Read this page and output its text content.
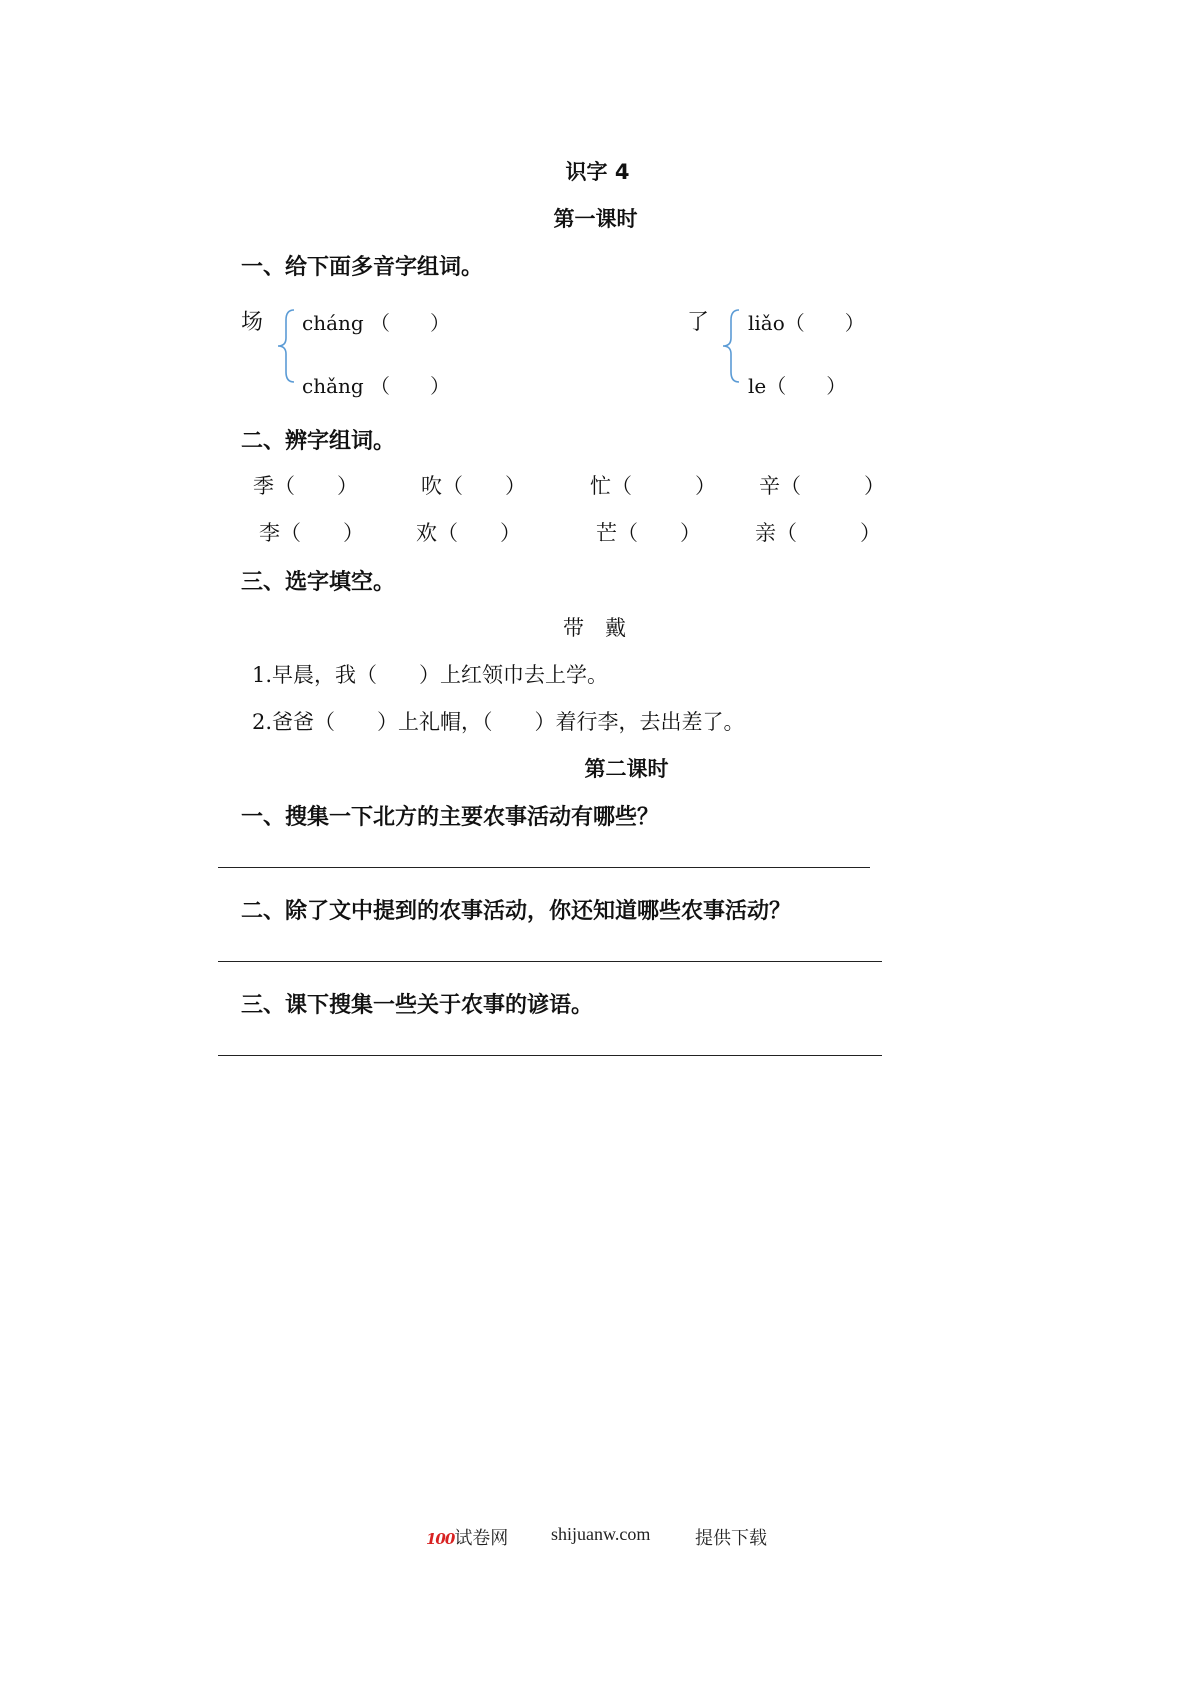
识字 4
第一课时
一、给下面多音字组词。
场 cháng （　　）
chǎng （　　）
了 liǎo（　　）
le（　　）
二、辨字组词。
季（　　）	吹（　　）	忙（　　　） 辛（　　　）
李（　　） 欢（　　）	芒（　　）	亲（　　　）
三、选字填空。
带　戴
1.早晨，我（　　）上红领巾去上学。
2.爸爸（　　）上礼帽，（　　）着行李，去出差了。
第二课时
一、搜集一下北方的主要农事活动有哪些？
二、除了文中提到的农事活动，你还知道哪些农事活动？
三、课下搜集一些关于农事的谚语。
100试卷网 shijuanw.com 提供下载
